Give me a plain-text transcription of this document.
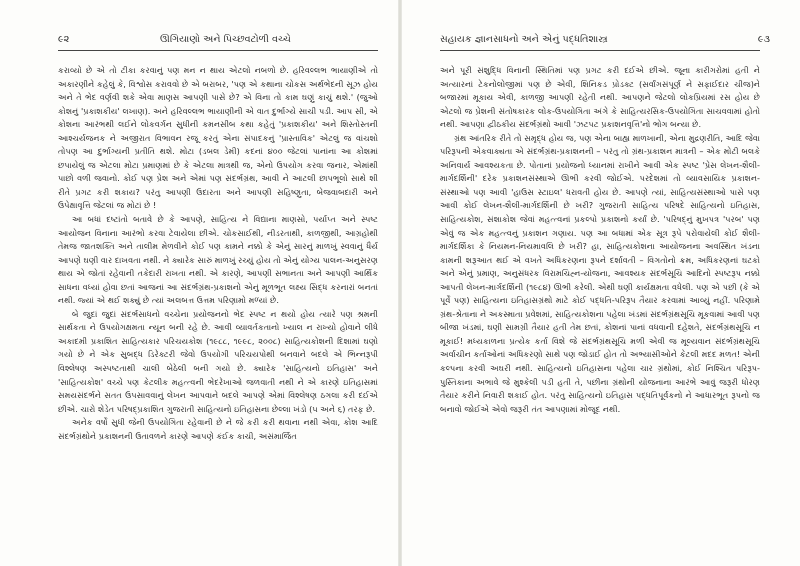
૯૨	ઊગિયાણો અને પિચ્છવટોળી વચ્ચે

કરાવ્યો છે એ તો ટીકા કરવાનું પણ મન ન થાય એટલો નબળો છે. હરિવલ્લભ ભાયાણીએ તો અકારણીને કહેલું કે, વિશ્વોસ કરાવવો છે એ બરાબર, 'પણ એ કથાના ચોકસ અર્થભેદની સૂઝ હોય અને તે ભેદ વર્ણવી શકે એવા માણસ આપણી પાસે છે? એ વિના તો કામ ઘણું કાચું થશે.' (જુઓ કોશનું 'પ્રકાશકીય' લખાણ). અને હરિવલ્લભ ભાયાણીની એ વાત દુર્ભાગ્યે સાચી પડી. આપ સી, એ કોશના આરંભથી લઈને લોકવર્ગન સુધીની કમનસીબ કથા કહેતું 'પ્રકાશકીય' અને શિસ્તોસ્તની આશ્ચર્યજનક ને અજીરાત વિભાવન રજૂ કરતું એના સંપાદકનું 'પ્રાસ્તાવિક' એટલું જ વાંચશો તોપણ આ દુર્ભાગ્યની પ્રતીતિ થશે. મોટા (ડબલ ડેમી) કદનાં ૪૦૦ જેટલાં પાનાંના આ કોશમાં છપાયેલું જ એટલા મોટા પ્રમાણમાં છે કે એટલા માત્રથી જ, એનો ઉપયોગ કરવા જનાર, એમાંથી પાછો વળી જવાનો. કોઈ પણ પ્રેશ અને એમાં પણ સંદર્ભગ્રંથ, આવી ને આટલી છાપભૂલો સાથે શી રીતે પ્રગટ કરી શકાય? પરંતુ આપણી ઉદારતા અને આપણી સહિષ્ણુતા, બેજવાબદારી અને ઉપેક્ષાવૃત્તિ જેટલાં જ મોટાં છે !

આ બધાં દષ્ટાંતો બતાવે છે કે આપણે, સાહિત્ય ને વિદ્યાના માણસો, પર્યાપ્ત અને સ્પષ્ટ આયોજન વિનાના આરંભો કરવા ટેવાયેલા છીએ. ચોકસાઈથી, નીડરતાથી, કાળજીથી, આગ્રહોથી તેમજ જાતશક્તિ અને તાલીમ મેળવીને કોઈ પણ કામને નક્કો કે એનું સારનું માળખું સ્વવાનું ધૈર્ય આપણે ઘણી વાર દાખવતા નથી. ને ક્યારેક સારું માળખું રચ્યું હોય તો એનું યોગ્ય પાલન-અનુસરણ થાય એ જોતાં રહેવાની તકેદારી રાખતા નથી. એ કારણે, આપણી સભાનતા અને આપણી આર્થિક સાધના વધ્યાં હોવા છતાં આજનાં આ સંદર્ભગ્રંથ-પ્રકાશનો એનું મૂળભૂત લક્ષ્ય સિદ્ધ કરનારાં બનતાં નથી. જ્યાં એ થઈ શક્યું છે ત્યાં અલબત્ત ઉત્તમ પરિણામો મળ્યાં છે.

બે જુદાં જુદાં સંદર્ભસાધનો વચ્ચેના પ્રયોજનનો ભેદ સ્પષ્ટ ન થયો હોય ત્યારે પણ શ્રમની સાર્થકતા ને ઉપયોગક્ષમતા ન્યૂન બની રહે છે. આવી વ્યાવર્તકતાનો ખ્યાલ ન રાખ્યો હોવાને લીધે અકાદમી પ્રકાશિત સાહિત્યકાર પરિચયકોશ (૧૯૮૮, ૧૯૯૮, ૨૦૦૮) સાહિત્યકોશની દિશામાં ઘણો ગયો છે ને એક સુબદ્ધ ડિરેક્ટરી જેવો ઉપયોગી પરિચયપોથી બનવાને બદલે એ ભિન્નરૂપી વિશ્લેષણ અસ્પષ્ટતાથી ચાલી બેઠેલી બની ગયો છે. ક્યારેક 'સાહિત્યનો ઇતિહાસ' અને 'સાહિત્યકોશ' વચ્ચે પણ કેટલીક મહત્ત્વની ભેદરેખાઓ જળવાતી નથી ને એ કારણે ઇતિહાસમાં સમયસંદર્ભને સતત ઉપસાવવાનું લેખન આપવાને બદલે આપણે એમાં વિશ્લેષણ ઠગલા કરી દઈએ છીએ. ચારો શેડેત પરિષદ્પ્રકાશિત ગુજરાતી સાહિત્યનો ઇતિહાસના છેલ્લા ખંડો (૫ અને ૬) તરફ છે.

અનેક વર્ષો સુધી જેની ઉપયોગિતા રહેવાની છે ને જે કરી કરી થવાના નથી એવા, કોશ આદિ સંદર્ભગ્રંથોને પ્રકાશનની ઉતાવળને કારણે આપણે કંઈક કાચી, અસંમાર્જિત

સહાયક જ્ઞાનસાધનો અને એનું પદ્ધતિશાસ્ત્ર	૯૩

અને પૂરી સંશુદ્ધિ વિનાની સ્થિતિમાં પણ પ્રગટ કરી દઈએ છીએ. જૂના કારીગરોમાં હતી ને અત્યારનાં ટેકનોલોજીમાં પણ છે એવી, શિનિકડ પ્રોડક્ટ (સર્વાંગસંપૂર્ણ ને સફાઈદાર ચીજ)ને બજારમાં મૂકાય એવી, કાળજી આપણી રહેતી નથી. આપણને જેટલો લોકપ્રિયમાં રસ હોય છે એટલો જ પ્રેશની સંતોષકારક લોક-ઉપયોગિતા અંગે કે સાહિત્યરસિક-ઉપયોગિતા સાચવવામાં હોતો નથી. આપણા દ્વીઠકીય સંદર્ભગ્રંથો આવી 'ઝટપટ પ્રકાશનવૃત્તિ'નો ભોગ બન્યા છે.

ગ્રંથ આંતરિક રીતે તો સમૃદ્ધ હોય જ, પણ એના બાહ્ય માળખાની, એના મુદ્રણરીતિ, આદિ જેવા પરિરૂપની એકવાક્યતા એ સંદર્ભગ્રંથ-પ્રકાશનની – પરંતુ તો ગ્રંથ-પ્રકાશન માત્રની – એક મોટી બલકે અનિવાર્ય આવશ્યકતા છે. પોતાનાં પ્રયોજનો ધ્યાનમાં રાખીને આવી એક સ્પષ્ટ 'પ્રેસ લેખન-શૈલી-માર્ગદર્શિની' દરેક પ્રકાશનસંસ્થાએ ઊભી કરવી જોઈએ. પરદેશમાં તો વ્યાવસાયિક પ્રકાશન-સંસ્થાઓ પણ આવી 'હાઉસ સ્ટાઇલ' ધરાવતી હોય છે. આપણે ત્યાં, સાહિત્યસંસ્થાઓ પાસે પણ આવી કોઈ લેખન-શૈલી-માર્ગદર્શિની છે ખરી? ગુજરાતી સાહિત્ય પરિષદે સાહિત્યનો ઇતિહાસ, સાહિત્યકોશ, સંશાકોશ જેવાં મહત્ત્વનાં પ્રકલ્પો પ્રકાશનો કર્યાં છે. 'પરિષદ્‌નું મુખપત્ર 'પરબ' પણ એવું જ એક મહત્ત્વનું પ્રકાશન ગણાય. પણ આ બધામાં એક સૂત્ર રૂપે પરોવાયેલી કોઈ શૈલી-માર્ગદર્શિકા કે નિયમન-નિયમાવલિ છે ખરી? હા, સાહિત્યકોશના આયોજનના અવસ્થિત ખંડના કામની શરૂઆત થઈ એ વખતે અધિકરણના રૂપને દર્શાવતી – વિગતોનો ક્રમ, અધિકરણનાં ઘટકો અને એનું પ્રમાણ, અનુસંધરક વિરામચિહ્ન-યોજના, આવશ્યક સંદર્ભસૂચિ આદિનો સ્પષ્ટરૂપ નક્કો આપતી લેખન-માર્ગદર્શિની (૧૯૮૪) ઊભી કરેલી. એથી ઘણી કાર્યક્ષમતા વધેલી. પણ એ પછી (કે એ પૂર્વે પણ) સાહિત્યના ઇતિહાસગ્રંથો માટે કોઈ પદ્ધતિ-પરિરૂપ તૈયાર કરવામાં આવ્યું નહીં. પરિણામે ગ્રંથ-શ્રેતાના ને અકસ્માતા પ્રવેશમાં, સાહિત્યકોશના પહેલા ખંડમાં સંદર્ભગ્રંથસૂચિ મૂકવામાં આવી પણ બીજા ખંડમાં, ઘણી સામગ્રી તૈયાર હતી તેમ છતાં, કોશનાં પાનાં વધવાની દહેશતે, સંદર્ભગ્રંથસૂચિ ન મૂકાઈ! મધ્યકાળના પ્રત્યેક કર્તા વિશે જે સંદર્ભગ્રંથસૂચિ મળી એવી જ મૂલ્યવાન સંદર્ભગ્રંથસૂચિ અર્વાચીન કર્તાઓનાં અધિકરણો સાથે પણ જોડાઈ હોત તો અભ્યાસીઓને કેટલી મદદ મળત! એની કલ્પના કરવી અઘરી નથી. સાહિત્યનો ઇતિહાસના પહેલા ચાર ગ્રંથોમાં, કોઈ નિશ્ચિત પરિરૂપ-પુસ્તિકાના અભાવે જે મુશ્કેલી પડી હતી તે, પછીના ગ્રંથોની યોજનાના આરંભે આવું જરૂરી ધોરણ તૈયાર કરીને નિવારી શકાઈ હોત. પરંતુ સાહિત્યનો ઇતિહાસ પદ્ધતિપૂર્વકનો ને આધારભૂત રૂપનો જ બનાવો જોઈએ એવો જરૂરી તંત આપણામાં મોજૂદ નથી.
